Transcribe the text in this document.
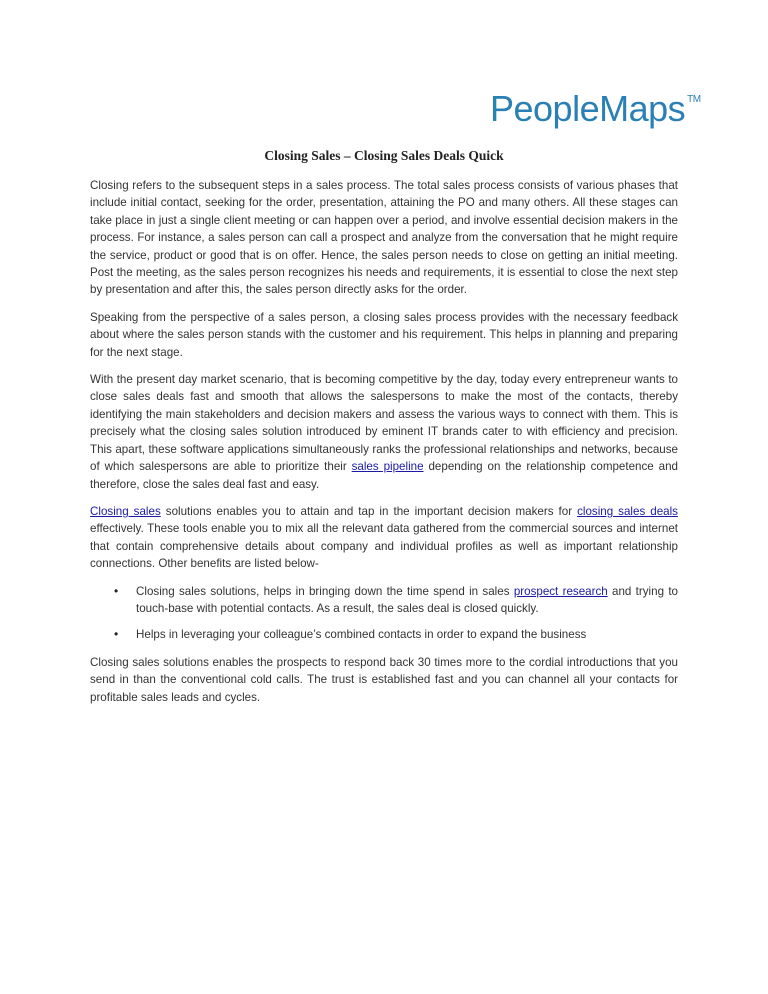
PeopleMaps ™
Closing Sales – Closing Sales Deals Quick

Closing refers to the subsequent steps in a sales process. The total sales process consists of various phases that include initial contact, seeking for the order, presentation, attaining the PO and many others. All these stages can take place in just a single client meeting or can happen over a period, and involve essential decision makers in the process. For instance, a sales person can call a prospect and analyze from the conversation that he might require the service, product or good that is on offer. Hence, the sales person needs to close on getting an initial meeting. Post the meeting, as the sales person recognizes his needs and requirements, it is essential to close the next step by presentation and after this, the sales person directly asks for the order.

Speaking from the perspective of a sales person, a closing sales process provides with the necessary feedback about where the sales person stands with the customer and his requirement. This helps in planning and preparing for the next stage.

With the present day market scenario, that is becoming competitive by the day, today every entrepreneur wants to close sales deals fast and smooth that allows the salespersons to make the most of the contacts, thereby identifying the main stakeholders and decision makers and assess the various ways to connect with them. This is precisely what the closing sales solution introduced by eminent IT brands cater to with efficiency and precision. This apart, these software applications simultaneously ranks the professional relationships and networks, because of which salespersons are able to prioritize their sales pipeline depending on the relationship competence and therefore, close the sales deal fast and easy.

Closing sales solutions enables you to attain and tap in the important decision makers for closing sales deals effectively. These tools enable you to mix all the relevant data gathered from the commercial sources and internet that contain comprehensive details about company and individual profiles as well as important relationship connections. Other benefits are listed below-

• Closing sales solutions, helps in bringing down the time spend in sales prospect research and trying to touch-base with potential contacts. As a result, the sales deal is closed quickly.
• Helps in leveraging your colleague’s combined contacts in order to expand the business

Closing sales solutions enables the prospects to respond back 30 times more to the cordial introductions that you send in than the conventional cold calls. The trust is established fast and you can channel all your contacts for profitable sales leads and cycles.
